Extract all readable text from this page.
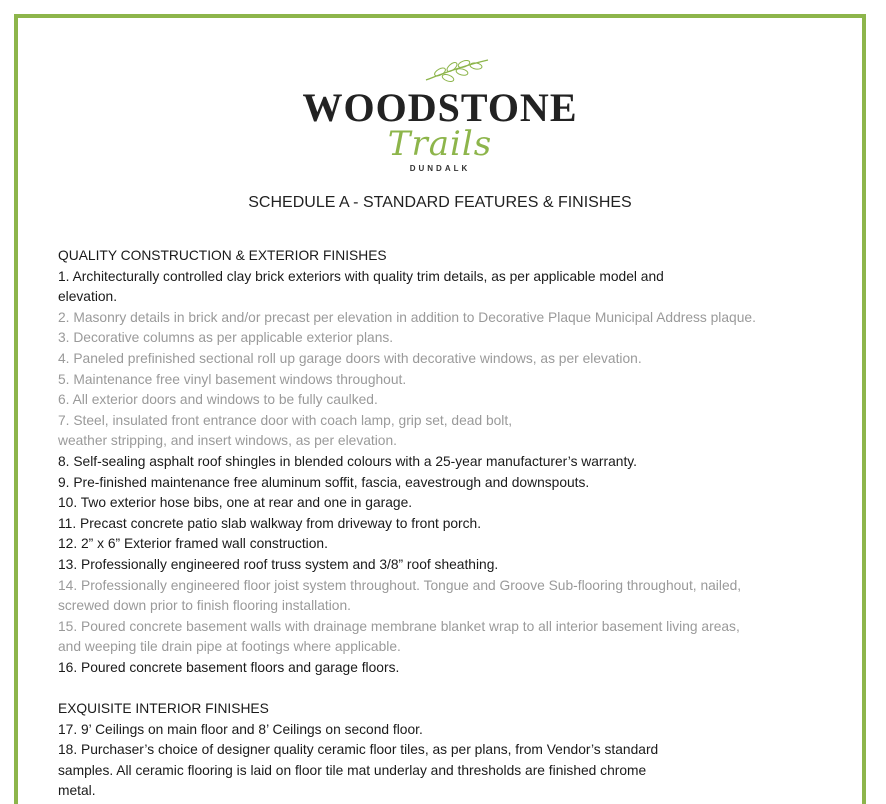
WOODSTONE
Trails
DUNDALK
SCHEDULE A - STANDARD FEATURES & FINISHES
QUALITY CONSTRUCTION & EXTERIOR FINISHES
1. Architecturally controlled clay brick exteriors with quality trim details, as per applicable model and
elevation.
2. Masonry details in brick and/or precast per elevation in addition to Decorative Plaque Municipal Address plaque.
3. Decorative columns as per applicable exterior plans.
4. Paneled prefinished sectional roll up garage doors with decorative windows, as per elevation.
5. Maintenance free vinyl basement windows throughout.
6. All exterior doors and windows to be fully caulked.
7. Steel, insulated front entrance door with coach lamp, grip set, dead bolt,
weather stripping, and insert windows, as per elevation.
8. Self-sealing asphalt roof shingles in blended colours with a 25-year manufacturer’s warranty.
9. Pre-finished maintenance free aluminum soffit, fascia, eavestrough and downspouts.
10. Two exterior hose bibs, one at rear and one in garage.
11. Precast concrete patio slab walkway from driveway to front porch.
12. 2” x 6” Exterior framed wall construction.
13. Professionally engineered roof truss system and 3/8” roof sheathing.
14. Professionally engineered floor joist system throughout. Tongue and Groove Sub-flooring throughout, nailed,
screwed down prior to finish flooring installation.
15. Poured concrete basement walls with drainage membrane blanket wrap to all interior basement living areas,
and weeping tile drain pipe at footings where applicable.
16. Poured concrete basement floors and garage floors.
EXQUISITE INTERIOR FINISHES
17. 9’ Ceilings on main floor and 8’ Ceilings on second floor.
18. Purchaser’s choice of designer quality ceramic floor tiles, as per plans, from Vendor’s standard
samples. All ceramic flooring is laid on floor tile mat underlay and thresholds are finished chrome
metal.
